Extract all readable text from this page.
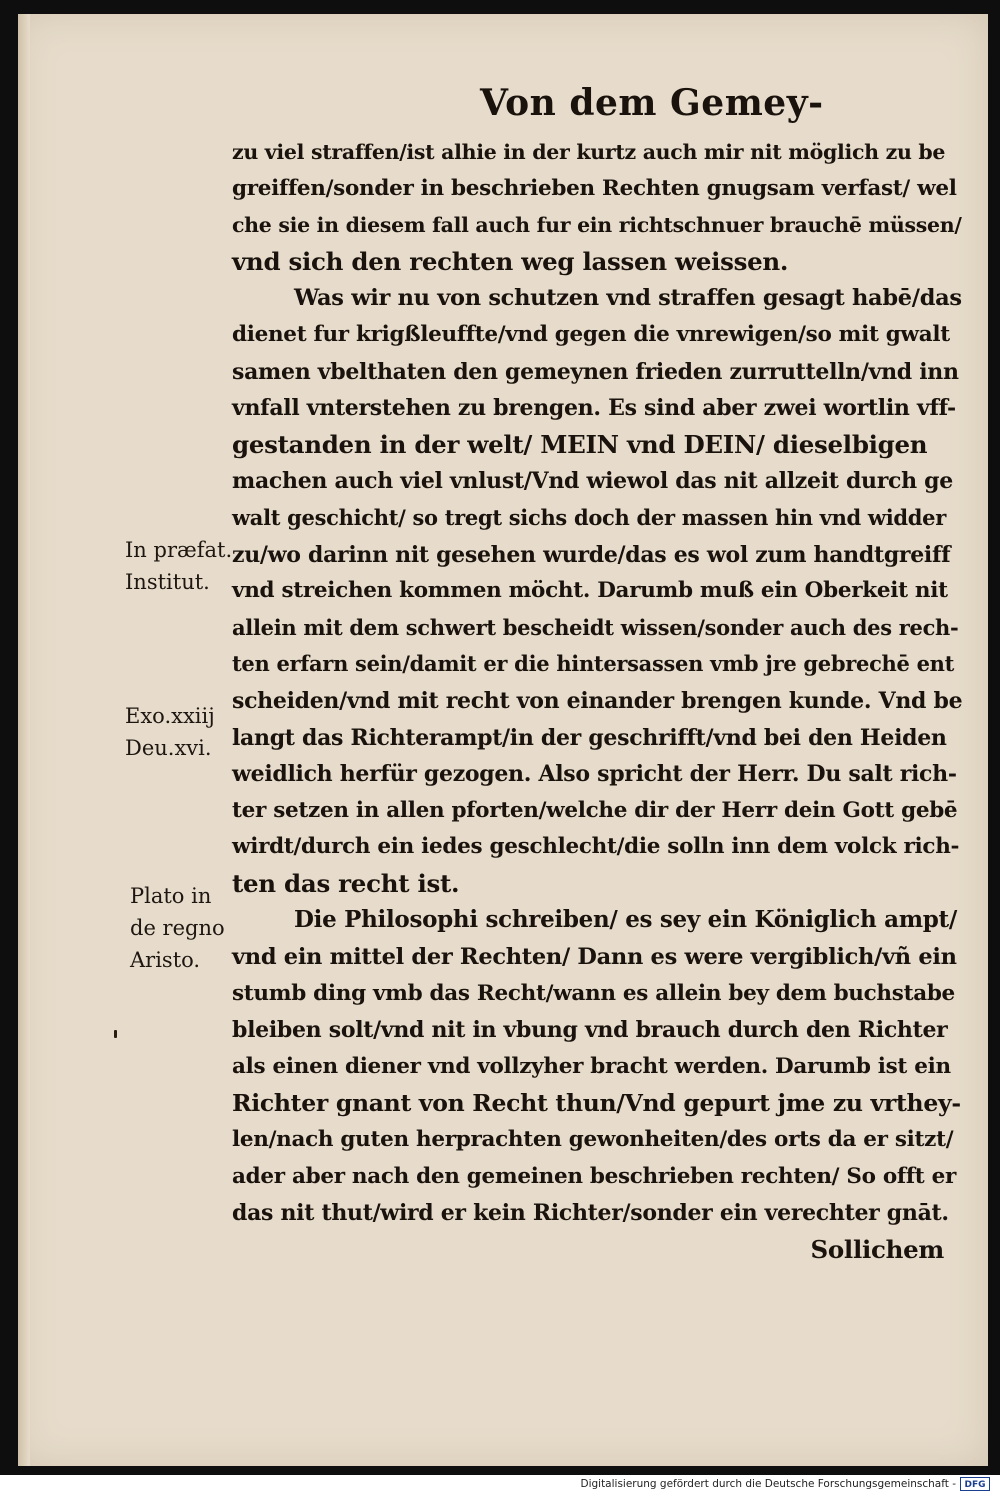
Von dem Gemey-
zu viel straffen/ist alhie in der kurtz auch mir nit möglich zu be
greiffen/sonder in beschrieben Rechten gnugsam verfast/ wel
che sie in diesem fall auch fur ein richtschnuer brauchē müssen/
vnd sich den rechten weg lassen weissen.
Was wir nu von schutzen vnd straffen gesagt habē/das
dienet fur krigßleuffte/vnd gegen die vnrewigen/so mit gwalt
samen vbelthaten den gemeynen frieden zurruttelln/vnd inn
vnfall vnterstehen zu brengen. Es sind aber zwei wortlin vff-
gestanden in der welt/ MEIN vnd DEIN/ dieselbigen
machen auch viel vnlust/Vnd wiewol das nit allzeit durch ge
walt geschicht/ so tregt sichs doch der massen hin vnd widder
zu/wo darinn nit gesehen wurde/das es wol zum handtgreiff
vnd streichen kommen möcht. Darumb muß ein Oberkeit nit
allein mit dem schwert bescheidt wissen/sonder auch des rech-
ten erfarn sein/damit er die hintersassen vmb jre gebrechē ent
scheiden/vnd mit recht von einander brengen kunde. Vnd be
langt das Richterampt/in der geschrifft/vnd bei den Heiden
weidlich herfür gezogen. Also spricht der Herr. Du salt rich-
ter setzen in allen pforten/welche dir der Herr dein Gott gebē
wirdt/durch ein iedes geschlecht/die solln inn dem volck rich-
ten das recht ist.
Die Philosophi schreiben/ es sey ein Königlich ampt/
vnd ein mittel der Rechten/ Dann es were vergiblich/vñ ein
stumb ding vmb das Recht/wann es allein bey dem buchstabe
bleiben solt/vnd nit in vbung vnd brauch durch den Richter
als einen diener vnd vollzyher bracht werden. Darumb ist ein
Richter gnant von Recht thun/Vnd gepurt jme zu vrthey-
len/nach guten herprachten gewonheiten/des orts da er sitzt/
ader aber nach den gemeinen beschrieben rechten/ So offt er
das nit thut/wird er kein Richter/sonder ein verechter gnāt.
Sollichem
In præfat.
Institut.
Exo.xxiij
Deu.xvi.
Plato in
de regno
Aristo.
Digitalisierung gefördert durch die Deutsche Forschungsgemeinschaft - DFG
